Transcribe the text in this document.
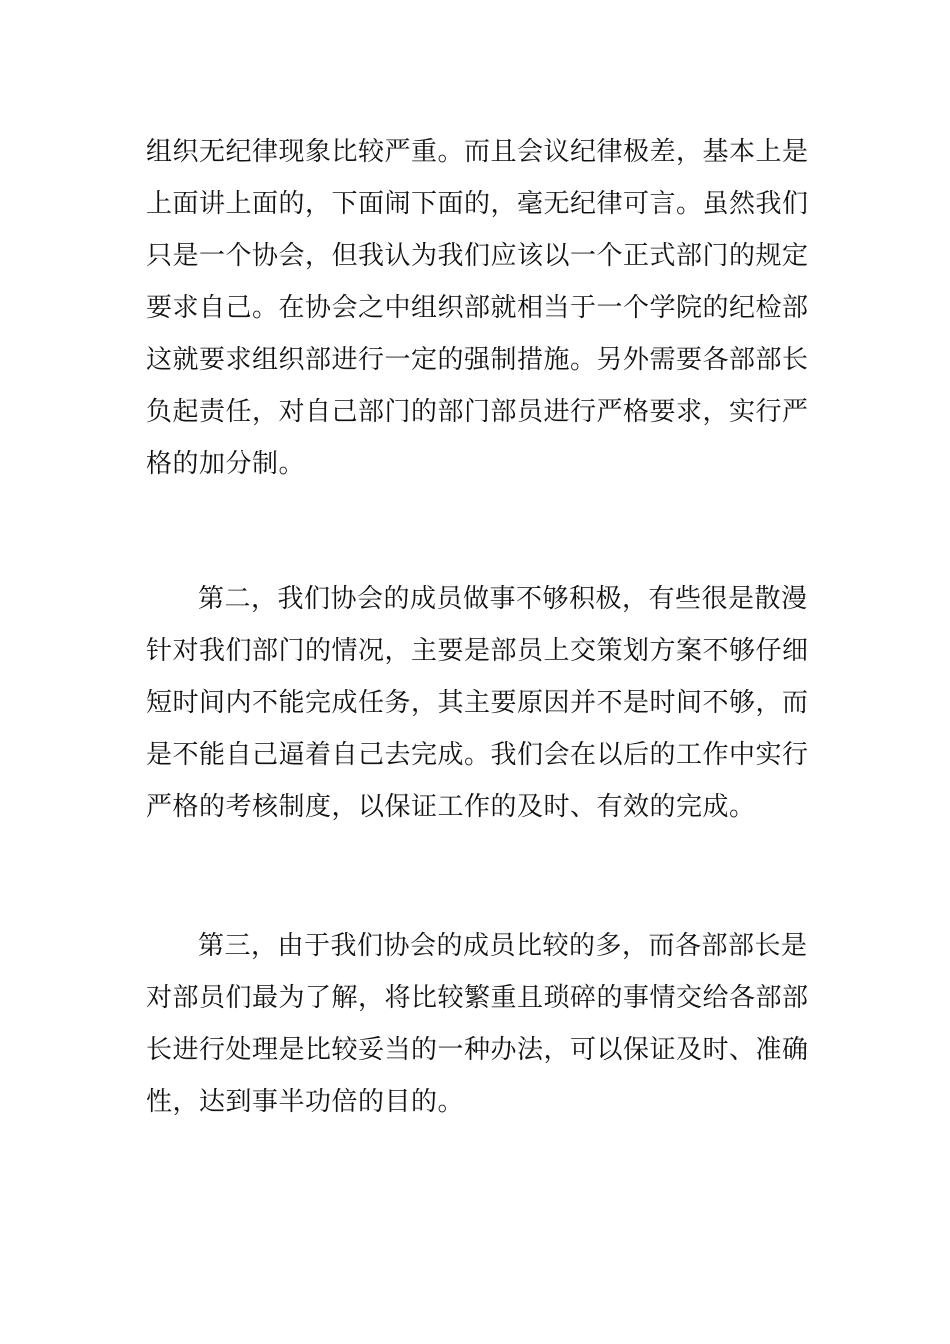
组织无纪律现象比较严重。而且会议纪律极差，基本上是
上面讲上面的，下面闹下面的，毫无纪律可言。虽然我们
只是一个协会，但我认为我们应该以一个正式部门的规定
要求自己。在协会之中组织部就相当于一个学院的纪检部
这就要求组织部进行一定的强制措施。另外需要各部部长
负起责任，对自己部门的部门部员进行严格要求，实行严
格的加分制。
第二，我们协会的成员做事不够积极，有些很是散漫
针对我们部门的情况，主要是部员上交策划方案不够仔细
短时间内不能完成任务，其主要原因并不是时间不够，而
是不能自己逼着自己去完成。我们会在以后的工作中实行
严格的考核制度，以保证工作的及时、有效的完成。
第三，由于我们协会的成员比较的多，而各部部长是
对部员们最为了解，将比较繁重且琐碎的事情交给各部部
长进行处理是比较妥当的一种办法，可以保证及时、准确
性，达到事半功倍的目的。
